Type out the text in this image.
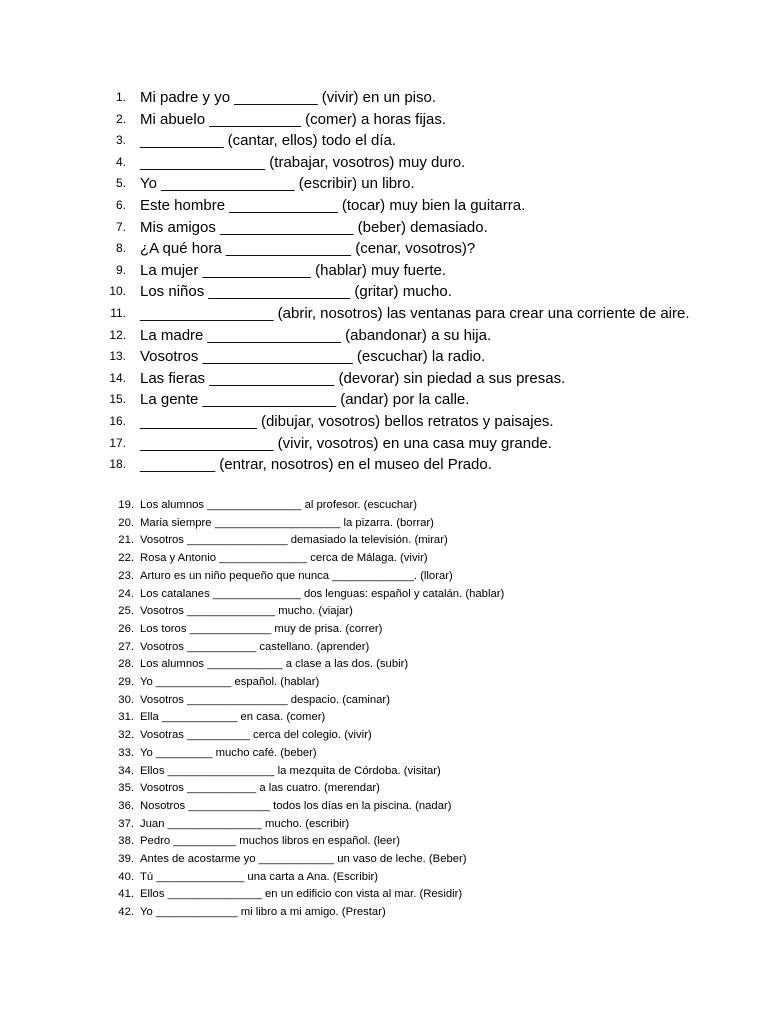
1. Mi padre y yo __________ (vivir) en un piso.
2. Mi abuelo ___________ (comer) a horas fijas.
3. __________ (cantar, ellos) todo el día.
4. _______________ (trabajar, vosotros) muy duro.
5. Yo ________________ (escribir) un libro.
6. Este hombre _____________ (tocar) muy bien la guitarra.
7. Mis amigos ________________ (beber) demasiado.
8. ¿A qué hora _______________ (cenar, vosotros)?
9. La mujer _____________ (hablar) muy fuerte.
10. Los niños _________________ (gritar) mucho.
11. ________________ (abrir, nosotros) las ventanas para crear una corriente de aire.
12. La madre ________________ (abandonar) a su hija.
13. Vosotros __________________ (escuchar) la radio.
14. Las fieras _______________ (devorar) sin piedad a sus presas.
15. La gente ________________ (andar) por la calle.
16. ______________ (dibujar, vosotros) bellos retratos y paisajes.
17. ________________ (vivir, vosotros) en una casa muy grande.
18. _________ (entrar, nosotros) en el museo del Prado.
19. Los alumnos _______________ al profesor. (escuchar)
20. Maria siempre ____________________ la pizarra. (borrar)
21. Vosotros ________________ demasiado la televisión. (mirar)
22. Rosa y Antonio ______________ cerca de Málaga. (vivir)
23. Arturo es un niño pequeño que nunca _____________. (llorar)
24. Los catalanes ______________ dos lenguas: español y catalán. (hablar)
25. Vosotros ______________ mucho. (viajar)
26. Los toros _____________ muy de prisa. (correr)
27. Vosotros ___________ castellano. (aprender)
28. Los alumnos ____________ a clase a las dos. (subir)
29. Yo ____________ español. (hablar)
30. Vosotros ________________ despacio. (caminar)
31. Ella ____________ en casa. (comer)
32. Vosotras __________ cerca del colegio. (vivir)
33. Yo _________ mucho café. (beber)
34. Ellos _________________ la mezquita de Córdoba. (visitar)
35. Vosotros ___________ a las cuatro. (merendar)
36. Nosotros _____________ todos los días en la piscina. (nadar)
37. Juan _______________ mucho. (escribir)
38. Pedro __________ muchos libros en español. (leer)
39. Antes de acostarme yo ____________ un vaso de leche. (Beber)
40. Tú ______________ una carta a Ana. (Escribir)
41. Ellos _______________ en un edificio con vista al mar. (Residir)
42. Yo _____________ mi libro a mi amigo. (Prestar)
